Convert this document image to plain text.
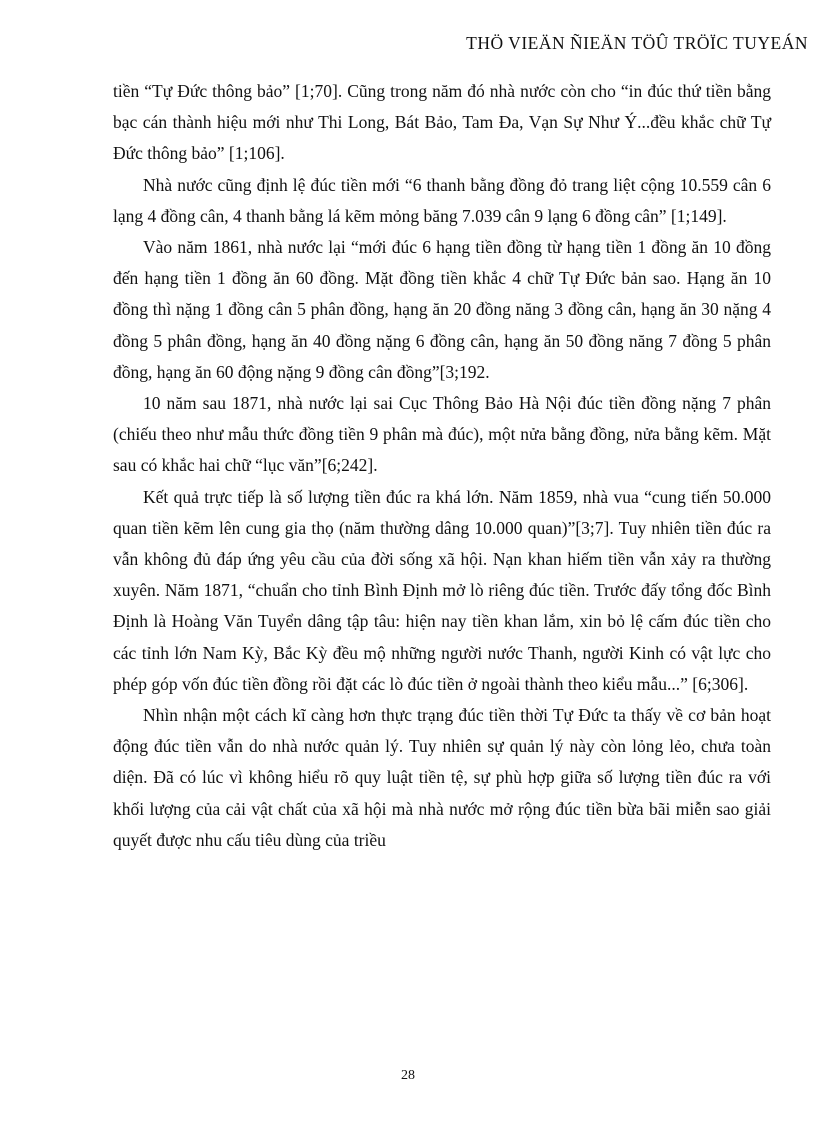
THÖ VIEÄN ÑIEÄN TÖÛ TRÖÏC TUYEÁN

tiền “Tự Đức thông bảo” [1;70]. Cũng trong năm đó nhà nước còn cho “in đúc thứ tiền bằng bạc cán thành hiệu mới như Thi Long, Bát Bảo, Tam Đa, Vạn Sự Như Ý...đều khắc chữ Tự Đức thông bảo” [1;106].

Nhà nước cũng định lệ đúc tiền mới “6 thanh bằng đồng đỏ trang liệt cộng 10.559 cân 6 lạng 4 đồng cân, 4 thanh bằng lá kẽm mỏng băng 7.039 cân 9 lạng 6 đồng cân” [1;149].

Vào năm 1861, nhà nước lại “mới đúc 6 hạng tiền đồng từ hạng tiền 1 đồng ăn 10 đồng đến hạng tiền 1 đồng ăn 60 đồng. Mặt đồng tiền khắc 4 chữ Tự Đức bản sao. Hạng ăn 10 đồng thì nặng 1 đồng cân 5 phân đồng, hạng ăn 20 đồng năng 3 đồng cân, hạng ăn 30 nặng 4 đồng 5 phân đồng, hạng ăn 40 đồng nặng 6 đồng cân, hạng ăn 50 đồng năng 7 đồng 5 phân đồng, hạng ăn 60 động nặng 9 đồng cân đồng”[3;192.

10 năm sau 1871, nhà nước lại sai Cục Thông Bảo Hà Nội đúc tiền đồng nặng 7 phân (chiếu theo như mẫu thức đồng tiền 9 phân mà đúc), một nửa bằng đồng, nửa bằng kẽm. Mặt sau có khắc hai chữ “lục văn”[6;242].

Kết quả trực tiếp là số lượng tiền đúc ra khá lớn. Năm 1859, nhà vua “cung tiến 50.000 quan tiền kẽm lên cung gia thọ (năm thường dâng 10.000 quan)”[3;7]. Tuy nhiên tiền đúc ra vẫn không đủ đáp ứng yêu cầu của đời sống xã hội. Nạn khan hiếm tiền vẫn xảy ra thường xuyên. Năm 1871, “chuẩn cho tỉnh Bình Định mở lò riêng đúc tiền. Trước đấy tổng đốc Bình Định là Hoàng Văn Tuyển dâng tập tâu: hiện nay tiền khan lắm, xin bỏ lệ cấm đúc tiền cho các tỉnh lớn Nam Kỳ, Bắc Kỳ đều mộ những người nước Thanh, người Kinh có vật lực cho phép góp vốn đúc tiền đồng rồi đặt các lò đúc tiền ở ngoài thành theo kiểu mẫu...” [6;306].

Nhìn nhận một cách kĩ càng hơn thực trạng đúc tiền thời Tự Đức ta thấy về cơ bản hoạt động đúc tiền vẫn do nhà nước quản lý. Tuy nhiên sự quản lý này còn lỏng lẻo, chưa toàn diện. Đã có lúc vì không hiểu rõ quy luật tiền tệ, sự phù hợp giữa số lượng tiền đúc ra với khối lượng của cải vật chất của xã hội mà nhà nước mở rộng đúc tiền bừa bãi miễn sao giải quyết được nhu cấu tiêu dùng của triều

28
